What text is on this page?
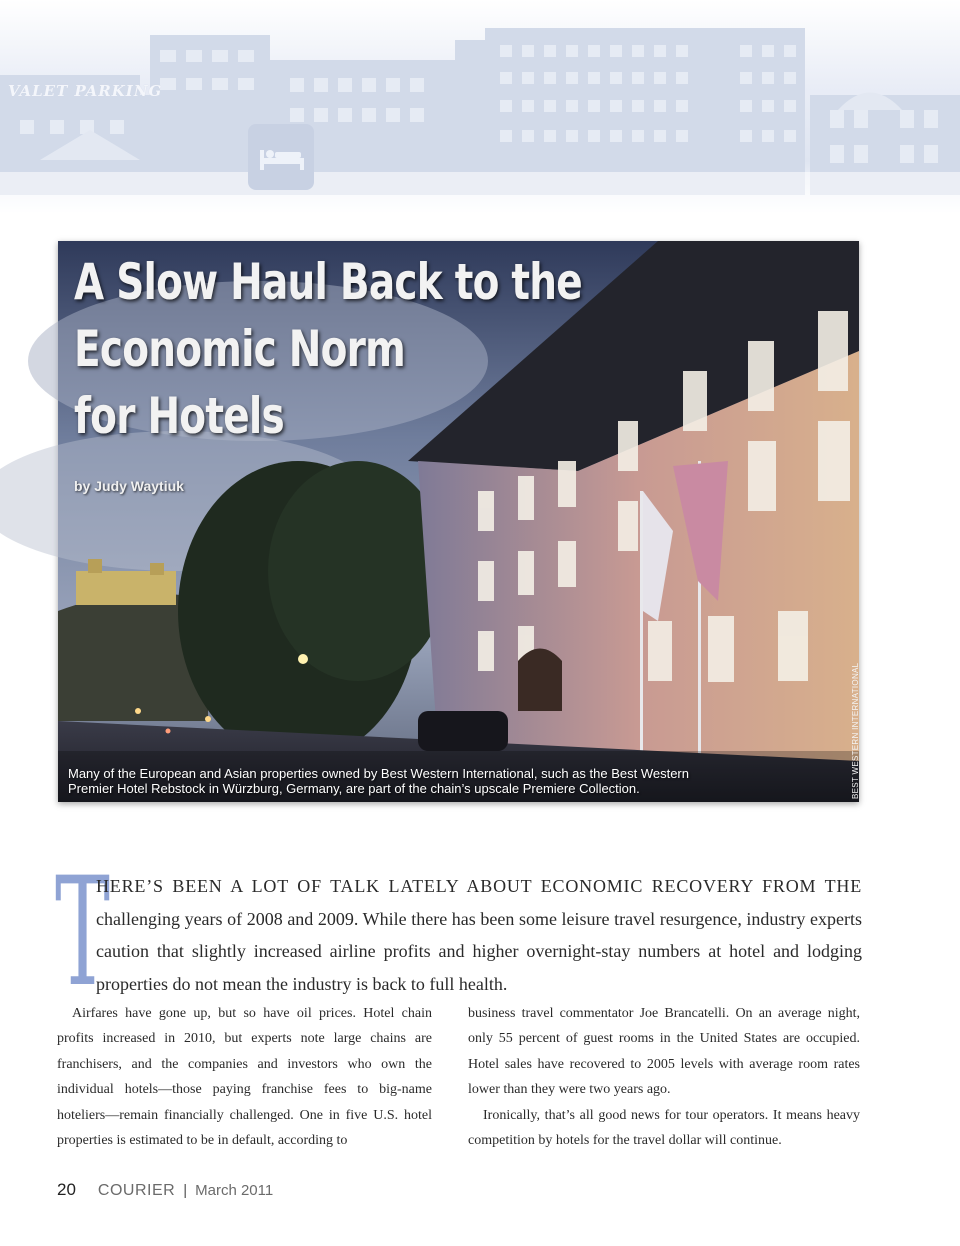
VALET PARKING
A Slow Haul Back to the
Economic Norm
for Hotels
by Judy Waytiuk
Many of the European and Asian properties owned by Best Western International, such as the Best Western Premier Hotel Rebstock in Würzburg, Germany, are part of the chain’s upscale Premiere Collection.	BEST WESTERN INTERNATIONAL
T

HERE’S BEEN A LOT OF TALK LATELY ABOUT ECONOMIC RECOVERY FROM THE challenging years of 2008 and 2009. While there has been some leisure travel resurgence, industry experts caution that slightly increased airline profits and higher overnight-stay numbers at hotel and lodging properties do not mean the industry is back to full health.

Airfares have gone up, but so have oil prices. Hotel chain profits increased in 2010, but experts note large chains are franchisers, and the companies and investors who own the individual hotels—those paying franchise fees to big-name hoteliers—remain financially challenged. One in five U.S. hotel properties is estimated to be in default, according to

business travel commentator Joe Brancatelli. On an average night, only 55 percent of guest rooms in the United States are occupied. Hotel sales have recovered to 2005 levels with average room rates lower than they were two years ago.

Ironically, that’s all good news for tour operators. It means heavy competition by hotels for the travel dollar will continue.

20 COURIER | March 2011
